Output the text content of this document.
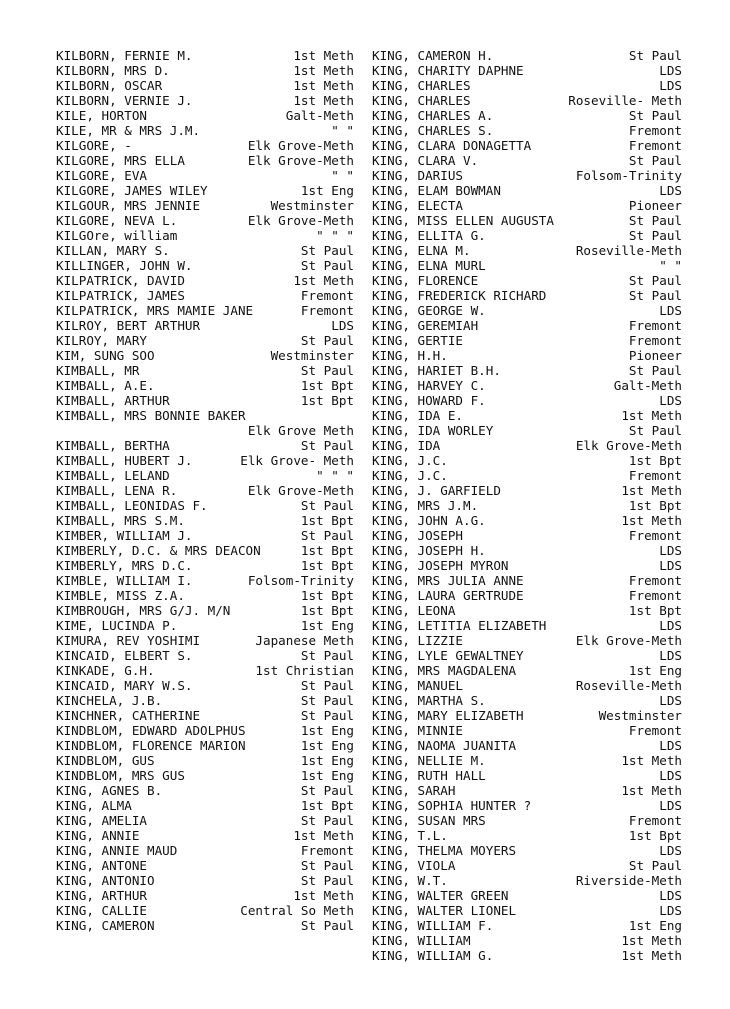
KILBORN, FERNIE M.	1st Meth
KILBORN, MRS D.	1st Meth
KILBORN, OSCAR	1st Meth
KILBORN, VERNIE J.	1st Meth
KILE, HORTON	Galt-Meth
KILE, MR & MRS J.M.	" "
KILGORE, -	Elk Grove-Meth
KILGORE, MRS ELLA	Elk Grove-Meth
KILGORE, EVA	" "
KILGORE, JAMES WILEY	1st Eng
KILGOUR, MRS JENNIE	Westminster
KILGORE, NEVA L.	Elk Grove-Meth
KILGOre, william	" " "
KILLAN, MARY S.	St Paul
KILLINGER, JOHN W.	St Paul
KILPATRICK, DAVID	1st Meth
KILPATRICK, JAMES	Fremont
KILPATRICK, MRS MAMIE JANE	Fremont
KILROY, BERT ARTHUR	LDS
KILROY, MARY	St Paul
KIM, SUNG SOO	Westminster
KIMBALL, MR	St Paul
KIMBALL, A.E.	1st Bpt
KIMBALL, ARTHUR	1st Bpt
KIMBALL, MRS BONNIE BAKER
Elk Grove Meth
KIMBALL, BERTHA	St Paul
KIMBALL, HUBERT J.	Elk Grove- Meth
KIMBALL, LELAND	" " "
KIMBALL, LENA R.	Elk Grove-Meth
KIMBALL, LEONIDAS F.	St Paul
KIMBALL, MRS S.M.	1st Bpt
KIMBER, WILLIAM J.	St Paul
KIMBERLY, D.C. & MRS DEACON	1st Bpt
KIMBERLY, MRS D.C.	1st Bpt
KIMBLE, WILLIAM I.	Folsom-Trinity
KIMBLE, MISS Z.A.	1st Bpt
KIMBROUGH, MRS G/J. M/N	1st Bpt
KIME, LUCINDA P.	1st Eng
KIMURA, REV YOSHIMI	Japanese Meth
KINCAID, ELBERT S.	St Paul
KINKADE, G.H.	1st Christian
KINCAID, MARY W.S.	St Paul
KINCHELA, J.B.	St Paul
KINCHNER, CATHERINE	St Paul
KINDBLOM, EDWARD ADOLPHUS	1st Eng
KINDBLOM, FLORENCE MARION	1st Eng
KINDBLOM, GUS	1st Eng
KINDBLOM, MRS GUS	1st Eng
KING, AGNES B.	St Paul
KING, ALMA	1st Bpt
KING, AMELIA	St Paul
KING, ANNIE	1st Meth
KING, ANNIE MAUD	Fremont
KING, ANTONE	St Paul
KING, ANTONIO	St Paul
KING, ARTHUR	1st Meth
KING, CALLIE	Central So Meth
KING, CAMERON	St Paul
KING, CAMERON H.	St Paul
KING, CHARITY DAPHNE	LDS
KING, CHARLES	LDS
KING, CHARLES	Roseville- Meth
KING, CHARLES A.	St Paul
KING, CHARLES S.	Fremont
KING, CLARA DONAGETTA	Fremont
KING, CLARA V.	St Paul
KING, DARIUS	Folsom-Trinity
KING, ELAM BOWMAN	LDS
KING, ELECTA	Pioneer
KING, MISS ELLEN AUGUSTA	St Paul
KING, ELLITA G.	St Paul
KING, ELNA M.	Roseville-Meth
KING, ELNA MURL	" "
KING, FLORENCE	St Paul
KING, FREDERICK RICHARD	St Paul
KING, GEORGE W.	LDS
KING, GEREMIAH	Fremont
KING, GERTIE	Fremont
KING, H.H.	Pioneer
KING, HARIET B.H.	St Paul
KING, HARVEY C.	Galt-Meth
KING, HOWARD F.	LDS
KING, IDA E.	1st Meth
KING, IDA WORLEY	St Paul
KING, IDA	Elk Grove-Meth
KING, J.C.	1st Bpt
KING, J.C.	Fremont
KING, J. GARFIELD	1st Meth
KING, MRS J.M.	1st Bpt
KING, JOHN A.G.	1st Meth
KING, JOSEPH	Fremont
KING, JOSEPH H.	LDS
KING, JOSEPH MYRON	LDS
KING, MRS JULIA ANNE	Fremont
KING, LAURA GERTRUDE	Fremont
KING, LEONA	1st Bpt
KING, LETITIA ELIZABETH	LDS
KING, LIZZIE	Elk Grove-Meth
KING, LYLE GEWALTNEY	LDS
KING, MRS MAGDALENA	1st Eng
KING, MANUEL	Roseville-Meth
KING, MARTHA S.	LDS
KING, MARY ELIZABETH	Westminster
KING, MINNIE	Fremont
KING, NAOMA JUANITA	LDS
KING, NELLIE M.	1st Meth
KING, RUTH HALL	LDS
KING, SARAH	1st Meth
KING, SOPHIA HUNTER ?	LDS
KING, SUSAN MRS	Fremont
KING, T.L.	1st Bpt
KING, THELMA MOYERS	LDS
KING, VIOLA	St Paul
KING, W.T.	Riverside-Meth
KING, WALTER GREEN	LDS
KING, WALTER LIONEL	LDS
KING, WILLIAM F.	1st Eng
KING, WILLIAM	1st Meth
KING, WILLIAM G.	1st Meth
